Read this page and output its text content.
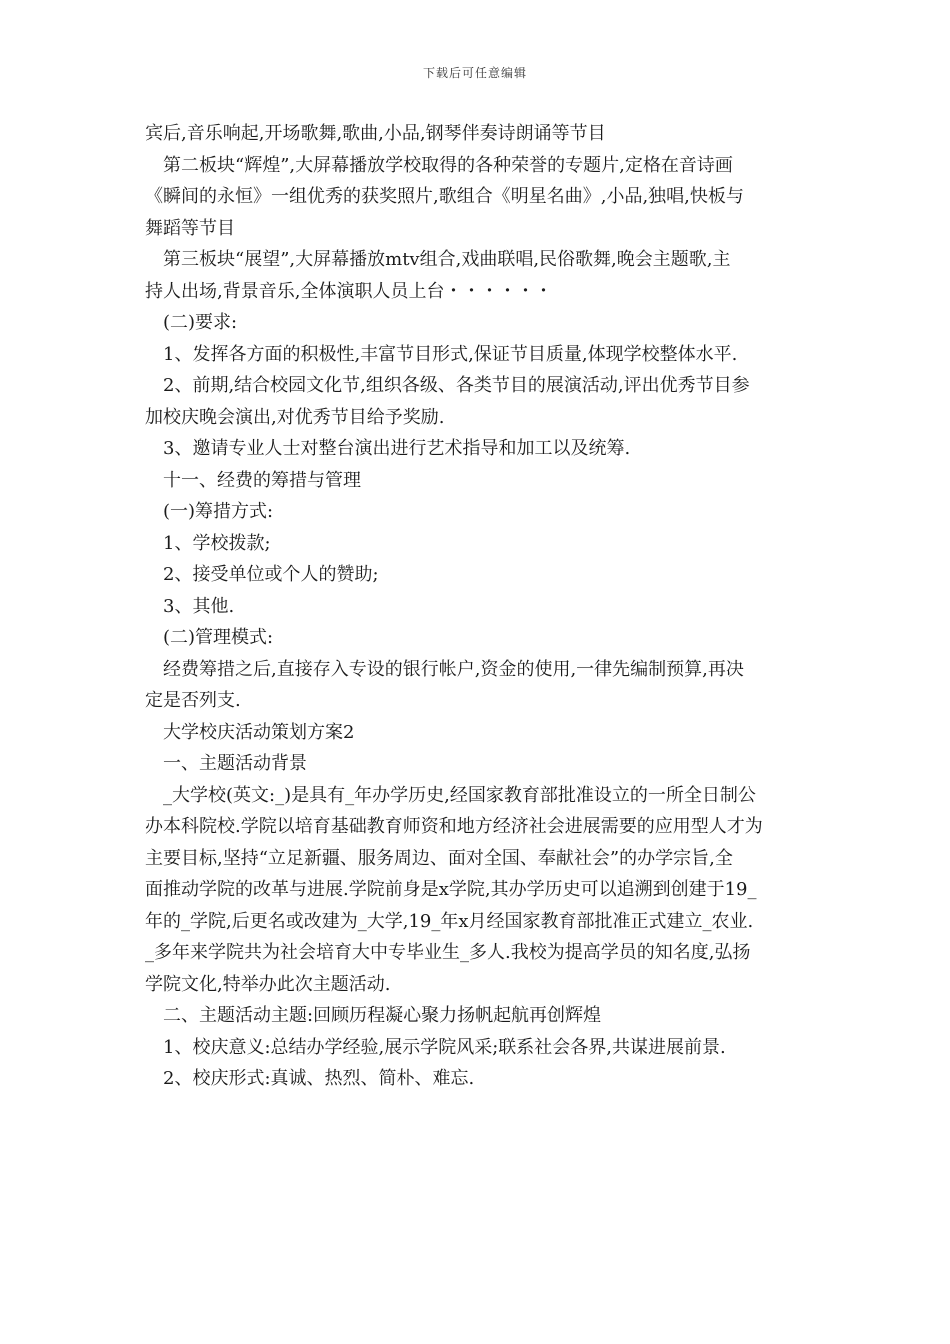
下载后可任意编辑
宾后,音乐响起,开场歌舞,歌曲,小品,钢琴伴奏诗朗诵等节目
第二板块“辉煌”,大屏幕播放学校取得的各种荣誉的专题片,定格在音诗画
《瞬间的永恒》一组优秀的获奖照片,歌组合《明星名曲》,小品,独唱,快板与
舞蹈等节目
第三板块“展望”,大屏幕播放mtv组合,戏曲联唱,民俗歌舞,晚会主题歌,主
持人出场,背景音乐,全体演职人员上台・・・・・・
(二)要求:
1、发挥各方面的积极性,丰富节目形式,保证节目质量,体现学校整体水平.
2、前期,结合校园文化节,组织各级、各类节目的展演活动,评出优秀节目参
加校庆晚会演出,对优秀节目给予奖励.
3、邀请专业人士对整台演出进行艺术指导和加工以及统筹.
十一、经费的筹措与管理
(一)筹措方式:
1、学校拨款;
2、接受单位或个人的赞助;
3、其他.
(二)管理模式:
经费筹措之后,直接存入专设的银行帐户,资金的使用,一律先编制预算,再决
定是否列支.
大学校庆活动策划方案2
一、主题活动背景
_大学校(英文:_)是具有_年办学历史,经国家教育部批准设立的一所全日制公
办本科院校.学院以培育基础教育师资和地方经济社会进展需要的应用型人才为
主要目标,坚持“立足新疆、服务周边、面对全国、奉献社会”的办学宗旨,全
面推动学院的改革与进展.学院前身是x学院,其办学历史可以追溯到创建于19_
年的_学院,后更名或改建为_大学,19_年x月经国家教育部批准正式建立_农业.
_多年来学院共为社会培育大中专毕业生_多人.我校为提高学员的知名度,弘扬
学院文化,特举办此次主题活动.
二、主题活动主题:回顾历程凝心聚力扬帆起航再创辉煌
1、校庆意义:总结办学经验,展示学院风采;联系社会各界,共谋进展前景.
2、校庆形式:真诚、热烈、简朴、难忘.
